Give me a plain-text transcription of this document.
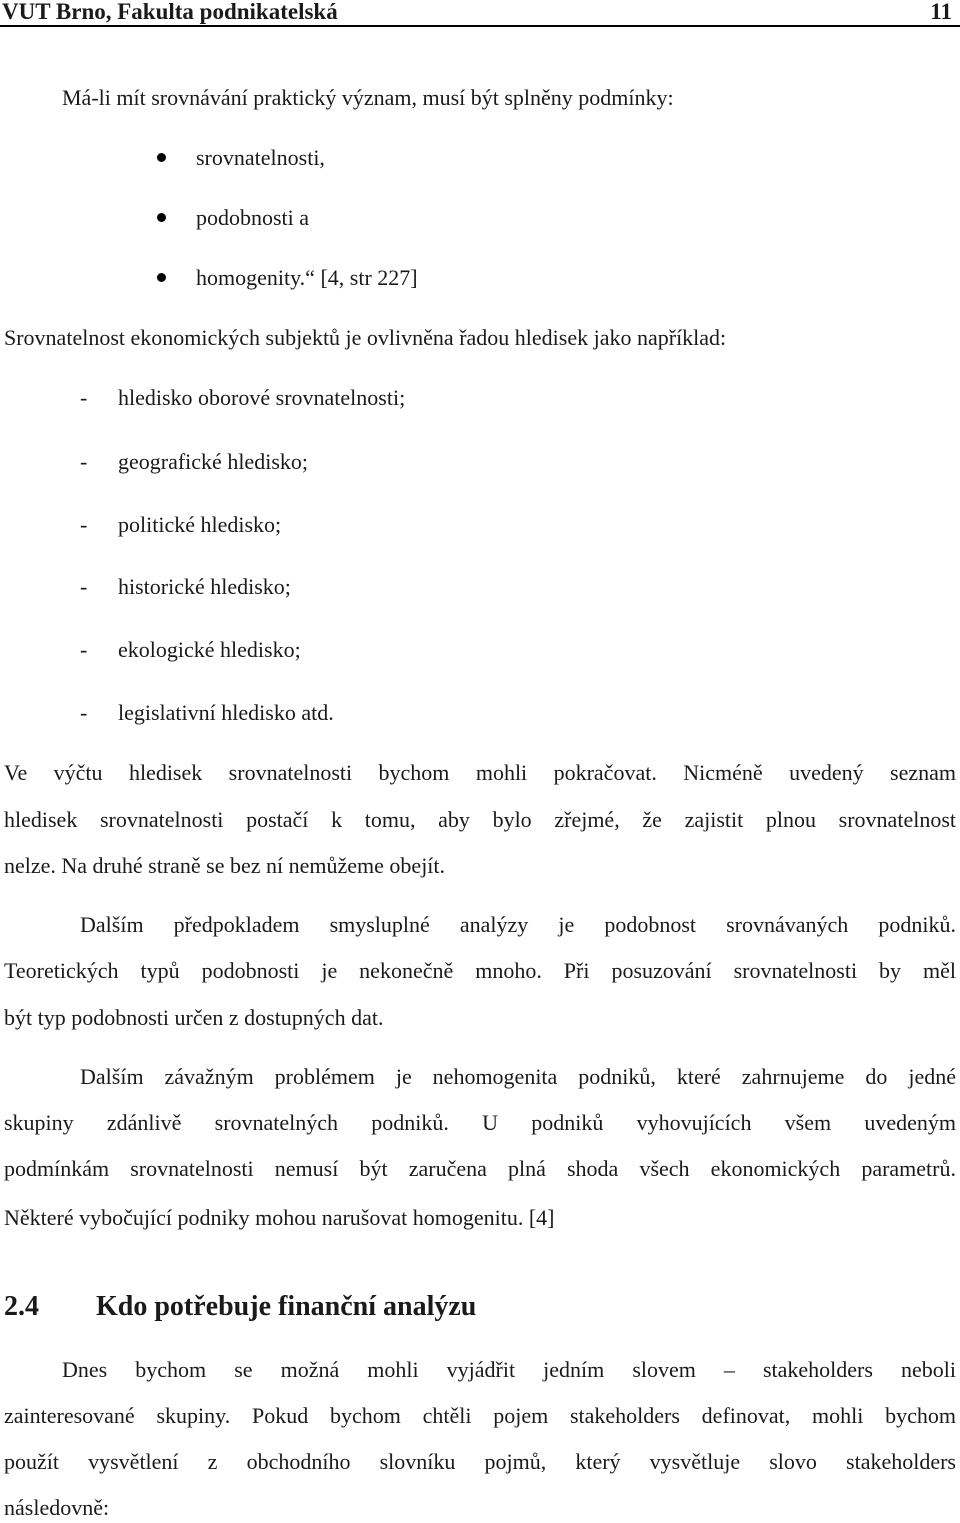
VUT Brno, Fakulta podnikatelská	11
Má-li mít srovnávání praktický význam, musí být splněny podmínky:
srovnatelnosti,
podobnosti a
homogenity.“ [4, str 227]
Srovnatelnost ekonomických subjektů je ovlivněna řadou hledisek jako například:
- hledisko oborové srovnatelnosti;
- geografické hledisko;
- politické hledisko;
- historické hledisko;
- ekologické hledisko;
- legislativní hledisko atd.
Ve výčtu hledisek srovnatelnosti bychom mohli pokračovat. Nicméně uvedený seznam
hledisek srovnatelnosti postačí k tomu, aby bylo zřejmé, že zajistit plnou srovnatelnost
nelze. Na druhé straně se bez ní nemůžeme obejít.
Dalším předpokladem smysluplné analýzy je podobnost srovnávaných podniků.
Teoretických typů podobnosti je nekonečně mnoho. Při posuzování srovnatelnosti by měl
být typ podobnosti určen z dostupných dat.
Dalším závažným problémem je nehomogenita podniků, které zahrnujeme do jedné
skupiny zdánlivě srovnatelných podniků. U podniků vyhovujících všem uvedeným
podmínkám srovnatelnosti nemusí být zaručena plná shoda všech ekonomických parametrů.
Některé vybočující podniky mohou narušovat homogenitu. [4]
2.4 Kdo potřebuje finanční analýzu
Dnes bychom se možná mohli vyjádřit jedním slovem – stakeholders neboli
zainteresované skupiny. Pokud bychom chtěli pojem stakeholders definovat, mohli bychom
použít vysvětlení z obchodního slovníku pojmů, který vysvětluje slovo stakeholders
následovně:
